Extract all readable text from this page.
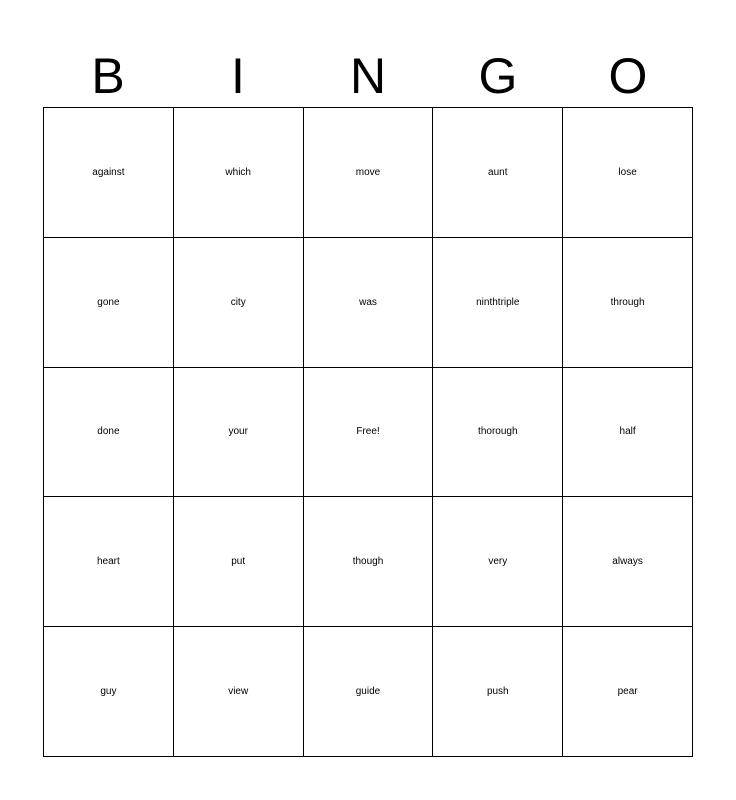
B	I	N	G	O
against	which	move	aunt	lose
gone	city	was	ninthtriple	through
done	your	Free!	thorough	half
heart	put	though	very	always
guy	view	guide	push	pear
